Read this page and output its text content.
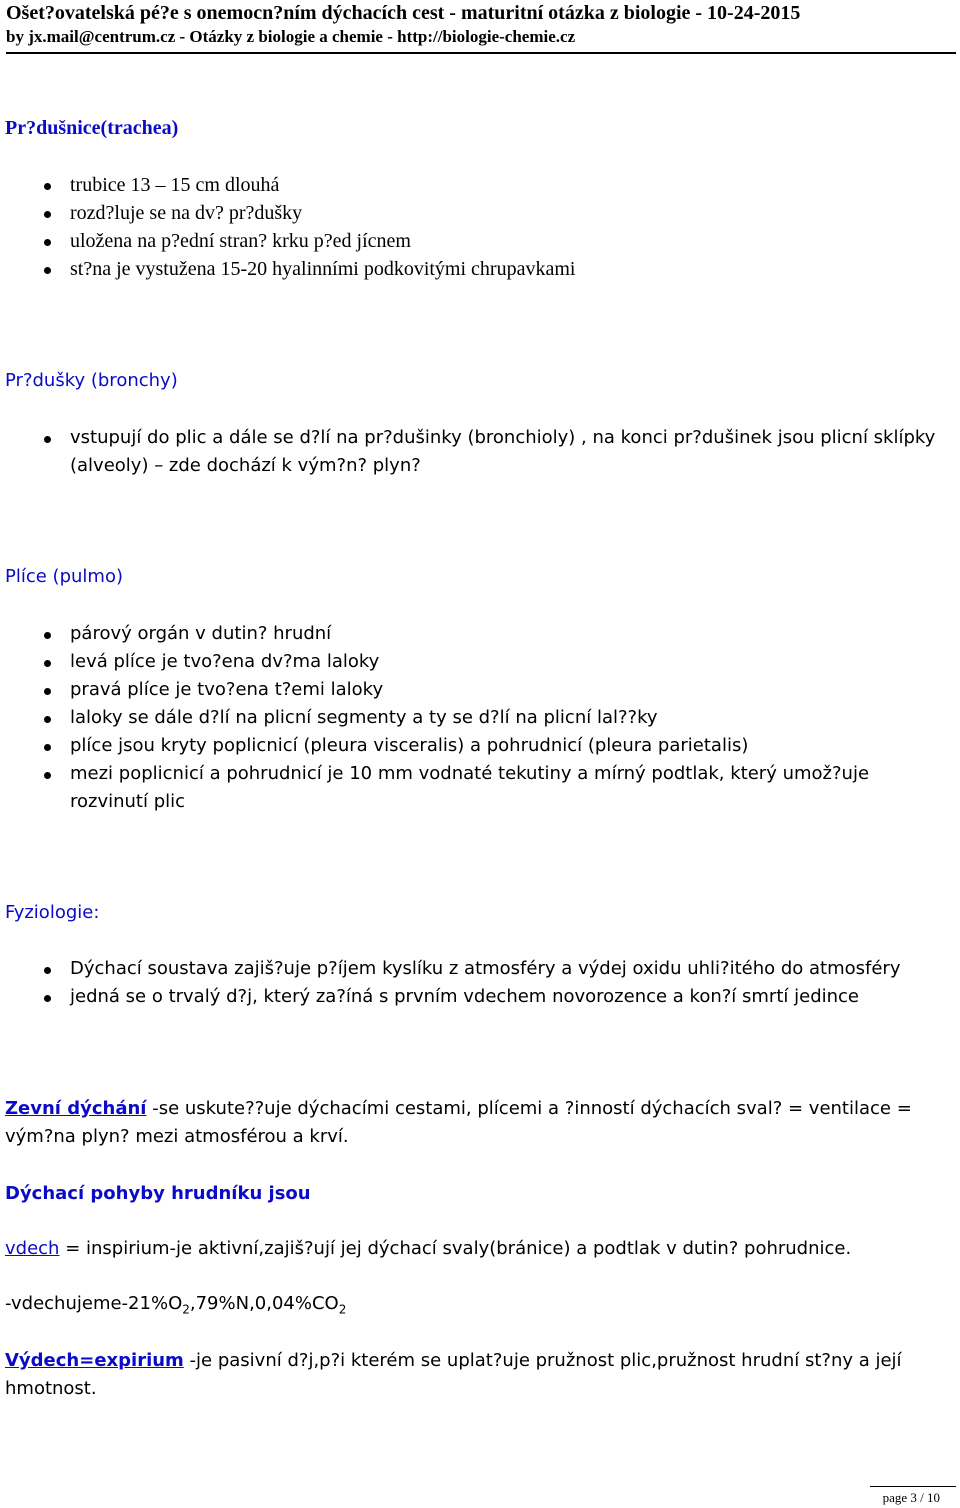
Ošet?ovatelská pé?e s onemocn?ním dýchacích cest - maturitní otázka z biologie - 10-24-2015
by jx.mail@centrum.cz - Otázky z biologie a chemie - http://biologie-chemie.cz
Pr?dušnice(trachea)
trubice 13 – 15 cm dlouhá
rozd?luje se na dv? pr?dušky
uložena na p?ední stran? krku p?ed jícnem
st?na je vystužena 15-20 hyalinními podkovitými chrupavkami
Pr?dušky (bronchy)
vstupují do plic a dále se d?lí na pr?dušinky (bronchioly) , na konci pr?dušinek jsou plicní sklípky (alveoly) – zde dochází k vým?n? plyn?
Plíce (pulmo)
párový orgán v dutin? hrudní
levá plíce je tvo?ena dv?ma laloky
pravá plíce je tvo?ena t?emi laloky
laloky se dále d?lí na plicní segmenty a ty se d?lí na plicní lal??ky
plíce jsou kryty poplicnicí (pleura visceralis) a pohrudnicí (pleura parietalis)
mezi poplicnicí a pohrudnicí je 10 mm vodnaté tekutiny a mírný podtlak, který umož?uje rozvinutí plic
Fyziologie:
Dýchací soustava zajiš?uje p?íjem kyslíku z atmosféry a výdej oxidu uhli?itého do atmosféry
jedná se o trvalý d?j, který za?íná s prvním vdechem novorozence a kon?í smrtí jedince
Zevní dýchání -se uskute??uje dýchacími cestami, plícemi a ?inností dýchacích sval? = ventilace = vým?na plyn? mezi atmosférou a krví.
Dýchací pohyby hrudníku jsou
vdech = inspirium-je aktivní,zajiš?ují jej dýchací svaly(bránice) a podtlak v dutin? pohrudnice.
$-vdechujeme-21\%O_2,79\%N,0,04\%CO_2$
Výdech=expirium -je pasivní d?j,p?i kterém se uplat?uje pružnost plic,pružnost hrudní st?ny a její hmotnost.
page 3 / 10
